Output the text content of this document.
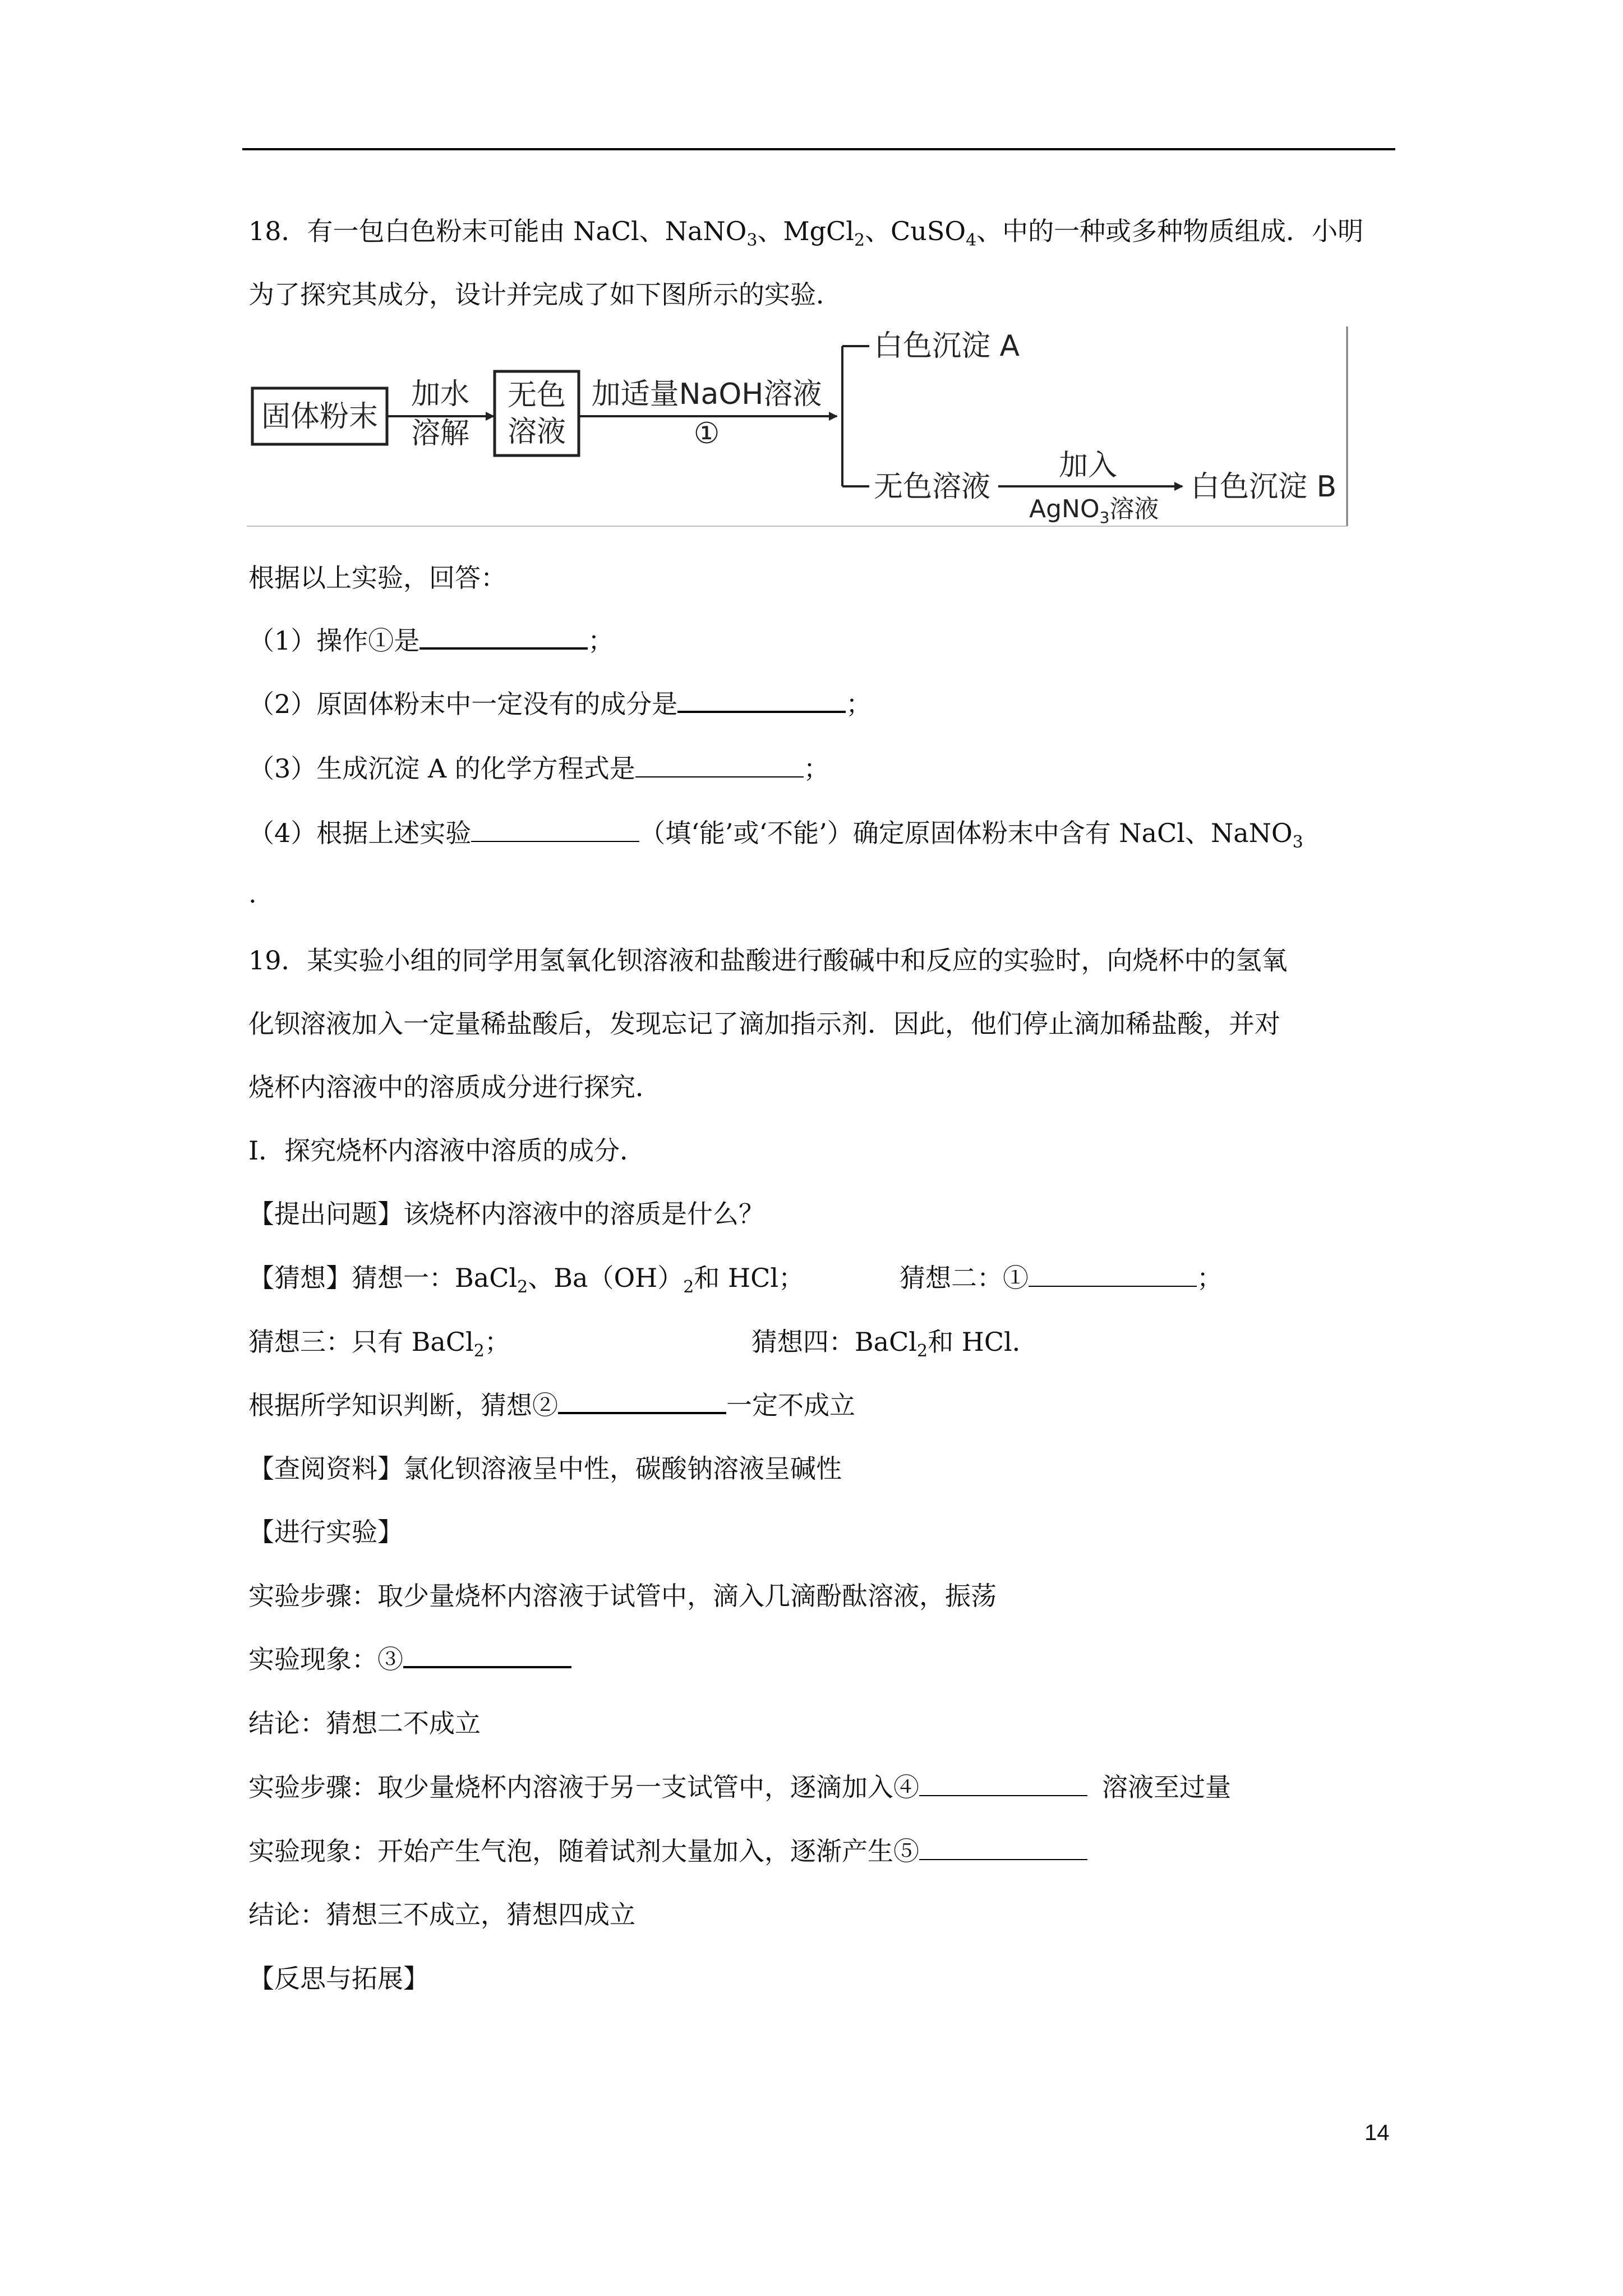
18．有一包白色粉末可能由 NaCl、NaNO$_3$、MgCl$_2$、CuSO$_4$、中的一种或多种物质组成．小明
为了探究其成分，设计并完成了如下图所示的实验．
固体粉末
加水
溶解
无色
溶液
加适量NaOH溶液
①
白色沉淀 A
无色溶液
加入
AgNO$_3$溶液
白色沉淀 B
根据以上实验，回答：
（1）操作①是	；
（2）原固体粉末中一定没有的成分是	；
（3）生成沉淀 A 的化学方程式是	；
（4）根据上述实验	（填‘能’或‘不能’）确定原固体粉末中含有 NaCl、NaNO$_3$
.
19．某实验小组的同学用氢氧化钡溶液和盐酸进行酸碱中和反应的实验时，向烧杯中的氢氧
化钡溶液加入一定量稀盐酸后，发现忘记了滴加指示剂．因此，他们停止滴加稀盐酸，并对
烧杯内溶液中的溶质成分进行探究．
Ⅰ．探究烧杯内溶液中溶质的成分．
【提出问题】该烧杯内溶液中的溶质是什么？
【猜想】猜想一：BaCl$_2$、$Ba(OH)_2$和 HCl；	猜想二：①	；
猜想三：只有 BaCl$_2$；	猜想四：BaCl$_2$和 HCl．
根据所学知识判断，猜想②	一定不成立
【查阅资料】氯化钡溶液呈中性，碳酸钠溶液呈碱性
【进行实验】
实验步骤：取少量烧杯内溶液于试管中，滴入几滴酚酞溶液，振荡
实验现象：③
结论：猜想二不成立
实验步骤：取少量烧杯内溶液于另一支试管中，逐滴加入④	溶液至过量
实验现象：开始产生气泡，随着试剂大量加入，逐渐产生⑤
结论：猜想三不成立，猜想四成立
【反思与拓展】
14
